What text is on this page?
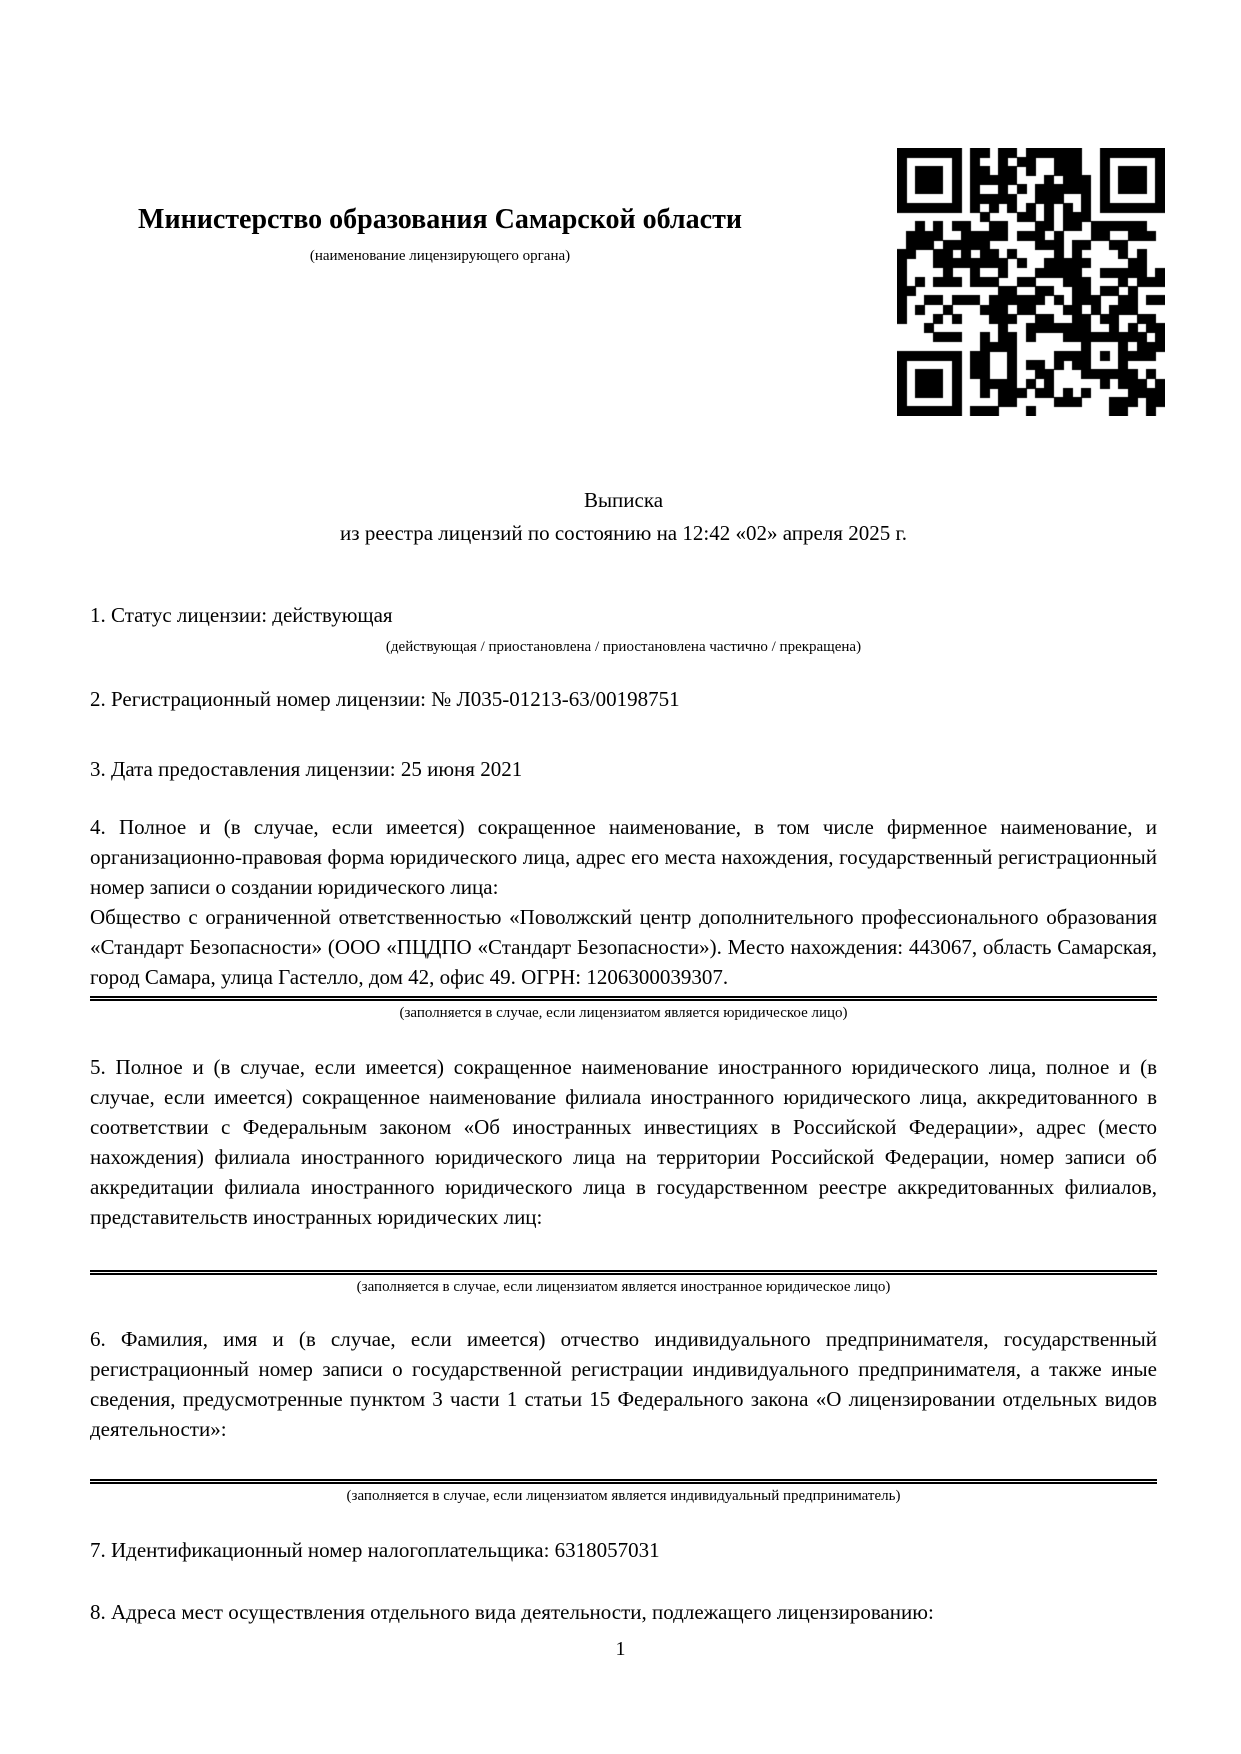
Министерство образования Самарской области
(наименование лицензирующего органа)
Выписка
из реестра лицензий по состоянию на 12:42 «02» апреля 2025 г.
1. Статус лицензии: действующая
(действующая / приостановлена / приостановлена частично / прекращена)
2. Регистрационный номер лицензии: № Л035-01213-63/00198751
3. Дата предоставления лицензии: 25 июня 2021
4. Полное и (в случае, если имеется) сокращенное наименование, в том числе фирменное наименование, и организационно-правовая форма юридического лица, адрес его места нахождения, государственный регистрационный номер записи о создании юридического лица:
Общество с ограниченной ответственностью «Поволжский центр дополнительного профессионального образования «Стандарт Безопасности» (ООО «ПЦДПО «Стандарт Безопасности»). Место нахождения: 443067, область Самарская, город Самара, улица Гастелло, дом 42, офис 49. ОГРН: 1206300039307.
(заполняется в случае, если лицензиатом является юридическое лицо)
5. Полное и (в случае, если имеется) сокращенное наименование иностранного юридического лица, полное и (в случае, если имеется) сокращенное наименование филиала иностранного юридического лица, аккредитованного в соответствии с Федеральным законом «Об иностранных инвестициях в Российской Федерации», адрес (место нахождения) филиала иностранного юридического лица на территории Российской Федерации, номер записи об аккредитации филиала иностранного юридического лица в государственном реестре аккредитованных филиалов, представительств иностранных юридических лиц:
(заполняется в случае, если лицензиатом является иностранное юридическое лицо)
6. Фамилия, имя и (в случае, если имеется) отчество индивидуального предпринимателя, государственный регистрационный номер записи о государственной регистрации индивидуального предпринимателя, а также иные сведения, предусмотренные пунктом 3 части 1 статьи 15 Федерального закона «О лицензировании отдельных видов деятельности»:
(заполняется в случае, если лицензиатом является индивидуальный предприниматель)
7. Идентификационный номер налогоплательщика: 6318057031
8. Адреса мест осуществления отдельного вида деятельности, подлежащего лицензированию:
1
